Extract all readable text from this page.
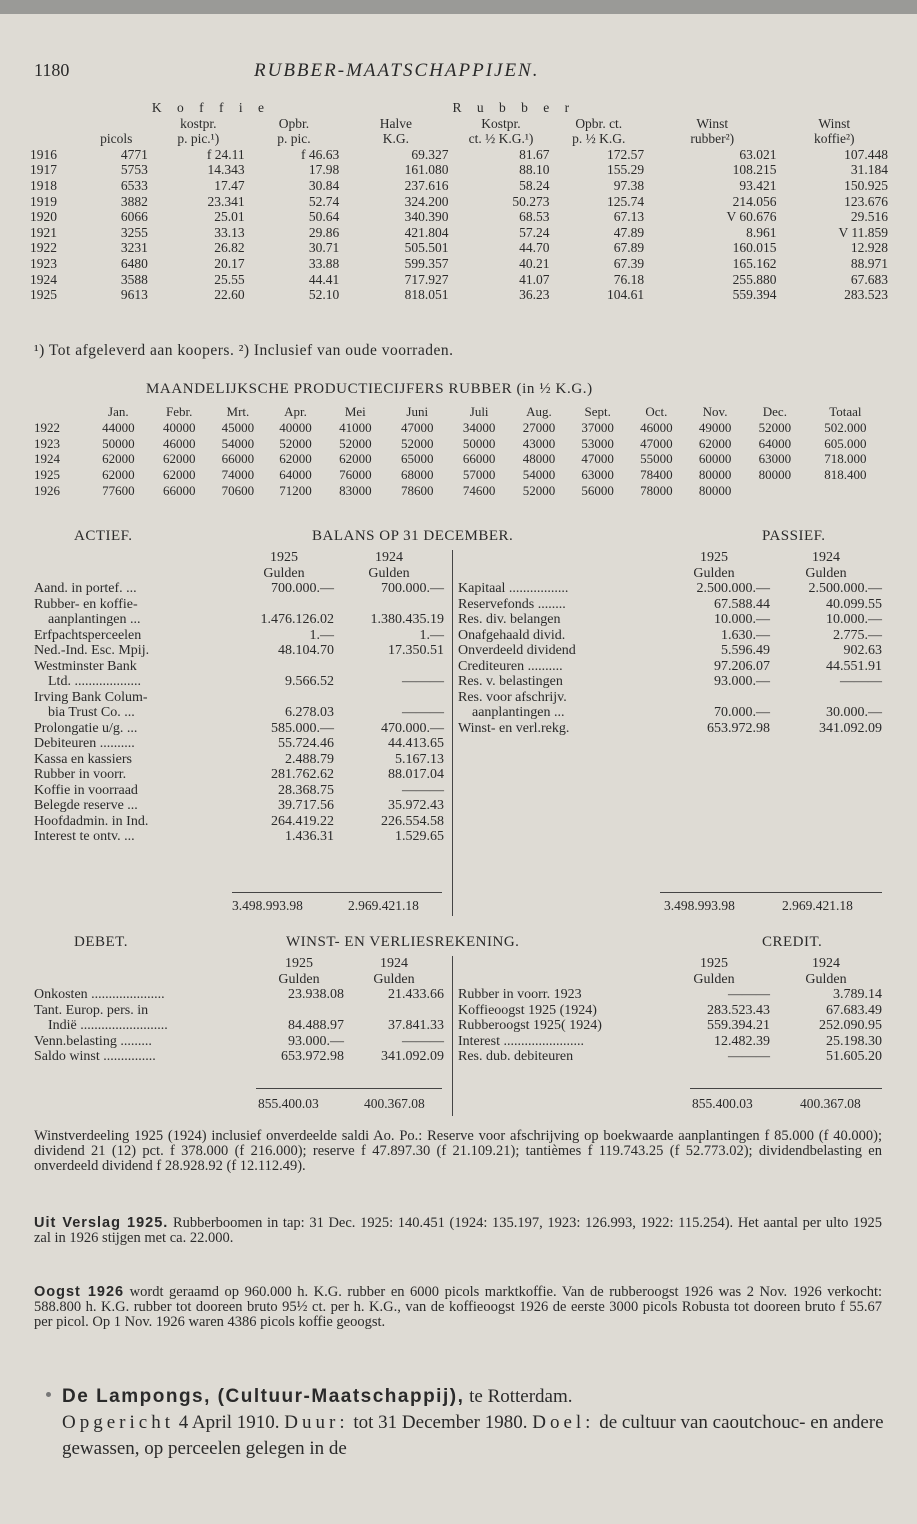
1180	RUBBER-MAATSCHAPPIJEN.
		K o f f i e			R u b b e r			
		kostpr.	Opbr.	Halve	Kostpr.	Opbr. ct.	Winst	Winst
	picols	p. pic.¹)	p. pic.	K.G.	ct. ½ K.G.¹)	p. ½ K.G.	rubber²)	koffie²)
1916	4771	f 24.11	f 46.63	69.327	81.67	172.57	63.021	107.448
1917	5753	14.343	17.98	161.080	88.10	155.29	108.215	31.184
1918	6533	17.47	30.84	237.616	58.24	97.38	93.421	150.925
1919	3882	23.341	52.74	324.200	50.273	125.74	214.056	123.676
1920	6066	25.01	50.64	340.390	68.53	67.13	V 60.676	29.516
1921	3255	33.13	29.86	421.804	57.24	47.89	8.961	V 11.859
1922	3231	26.82	30.71	505.501	44.70	67.89	160.015	12.928
1923	6480	20.17	33.88	599.357	40.21	67.39	165.162	88.971
1924	3588	25.55	44.41	717.927	41.07	76.18	255.880	67.683
1925	9613	22.60	52.10	818.051	36.23	104.61	559.394	283.523
¹) Tot afgeleverd aan koopers. ²) Inclusief van oude voorraden.
MAANDELIJKSCHE PRODUCTIECIJFERS RUBBER (in ½ K.G.)
	Jan.	Febr.	Mrt.	Apr.	Mei	Juni	Juli	Aug.	Sept.	Oct.	Nov.	Dec.	Totaal
1922	44000	40000	45000	40000	41000	47000	34000	27000	37000	46000	49000	52000	502.000
1923	50000	46000	54000	52000	52000	52000	50000	43000	53000	47000	62000	64000	605.000
1924	62000	62000	66000	62000	62000	65000	66000	48000	47000	55000	60000	63000	718.000
1925	62000	62000	74000	64000	76000	68000	57000	54000	63000	78400	80000	80000	818.400
1926	77600	66000	70600	71200	83000	78600	74600	52000	56000	78000	80000		
ACTIEF.	BALANS OP 31 DECEMBER.	PASSIEF.
	1925	1924
	Gulden	Gulden
Aand. in portef. ...	700.000.—	700.000.—
Rubber- en koffie-		
aanplantingen ...	1.476.126.02	1.380.435.19
Erfpachtsperceelen	1.—	1.—
Ned.-Ind. Esc. Mpij.	48.104.70	17.350.51
Westminster Bank		
Ltd. ...................	9.566.52	———
Irving Bank Colum-		
bia Trust Co. ...	6.278.03	———
Prolongatie u/g. ...	585.000.—	470.000.—
Debiteuren ..........	55.724.46	44.413.65
Kassa en kassiers	2.488.79	5.167.13
Rubber in voorr.	281.762.62	88.017.04
Koffie in voorraad	28.368.75	———
Belegde reserve ...	39.717.56	35.972.43
Hoofdadmin. in Ind.	264.419.22	226.554.58
Interest te ontv. ...	1.436.31	1.529.65
	1925	1924
	Gulden	Gulden
Kapitaal .................	2.500.000.—	2.500.000.—
Reservefonds ........	67.588.44	40.099.55
Res. div. belangen	10.000.—	10.000.—
Onafgehaald divid.	1.630.—	2.775.—
Onverdeeld dividend	5.596.49	902.63
Crediteuren ..........	97.206.07	44.551.91
Res. v. belastingen	93.000.—	———
Res. voor afschrijv.		
aanplantingen ...	70.000.—	30.000.—
Winst- en verl.rekg.	653.972.98	341.092.09
3.498.993.98	2.969.421.18	3.498.993.98	2.969.421.18
DEBET.	WINST- EN VERLIESREKENING.	CREDIT.
	1925	1924
	Gulden	Gulden
Onkosten .....................	23.938.08	21.433.66
Tant. Europ. pers. in		
Indië .........................	84.488.97	37.841.33
Venn.belasting .........	93.000.—	———
Saldo winst ...............	653.972.98	341.092.09
	1925	1924
	Gulden	Gulden
Rubber in voorr. 1923	———	3.789.14
Koffieoogst 1925 (1924)	283.523.43	67.683.49
Rubberoogst 1925( 1924)	559.394.21	252.090.95
Interest .......................	12.482.39	25.198.30
Res. dub. debiteuren	———	51.605.20
855.400.03	400.367.08	855.400.03	400.367.08
Winstverdeeling 1925 (1924) inclusief onverdeelde saldi Ao. Po.: Reserve voor afschrijving op boekwaarde aanplantingen f 85.000 (f 40.000); dividend 21 (12) pct. f 378.000 (f 216.000); reserve f 47.897.30 (f 21.109.21); tantièmes f 119.743.25 (f 52.773.02); dividendbelasting en onverdeeld dividend f 28.928.92 (f 12.112.49).
Uit Verslag 1925. Rubberboomen in tap: 31 Dec. 1925: 140.451 (1924: 135.197, 1923: 126.993, 1922: 115.254). Het aantal per ulto 1925 zal in 1926 stijgen met ca. 22.000.
Oogst 1926 wordt geraamd op 960.000 h. K.G. rubber en 6000 picols marktkoffie. Van de rubberoogst 1926 was 2 Nov. 1926 verkocht: 588.800 h. K.G. rubber tot dooreen bruto 95½ ct. per h. K.G., van de koffieoogst 1926 de eerste 3000 picols Robusta tot dooreen bruto f 55.67 per picol. Op 1 Nov. 1926 waren 4386 picols koffie geoogst.
De Lampongs, (Cultuur-Maatschappij), te Rotterdam.
Opgericht 4 April 1910. Duur: tot 31 December 1980. Doel: de cultuur van caoutchouc- en andere gewassen, op perceelen gelegen in de
